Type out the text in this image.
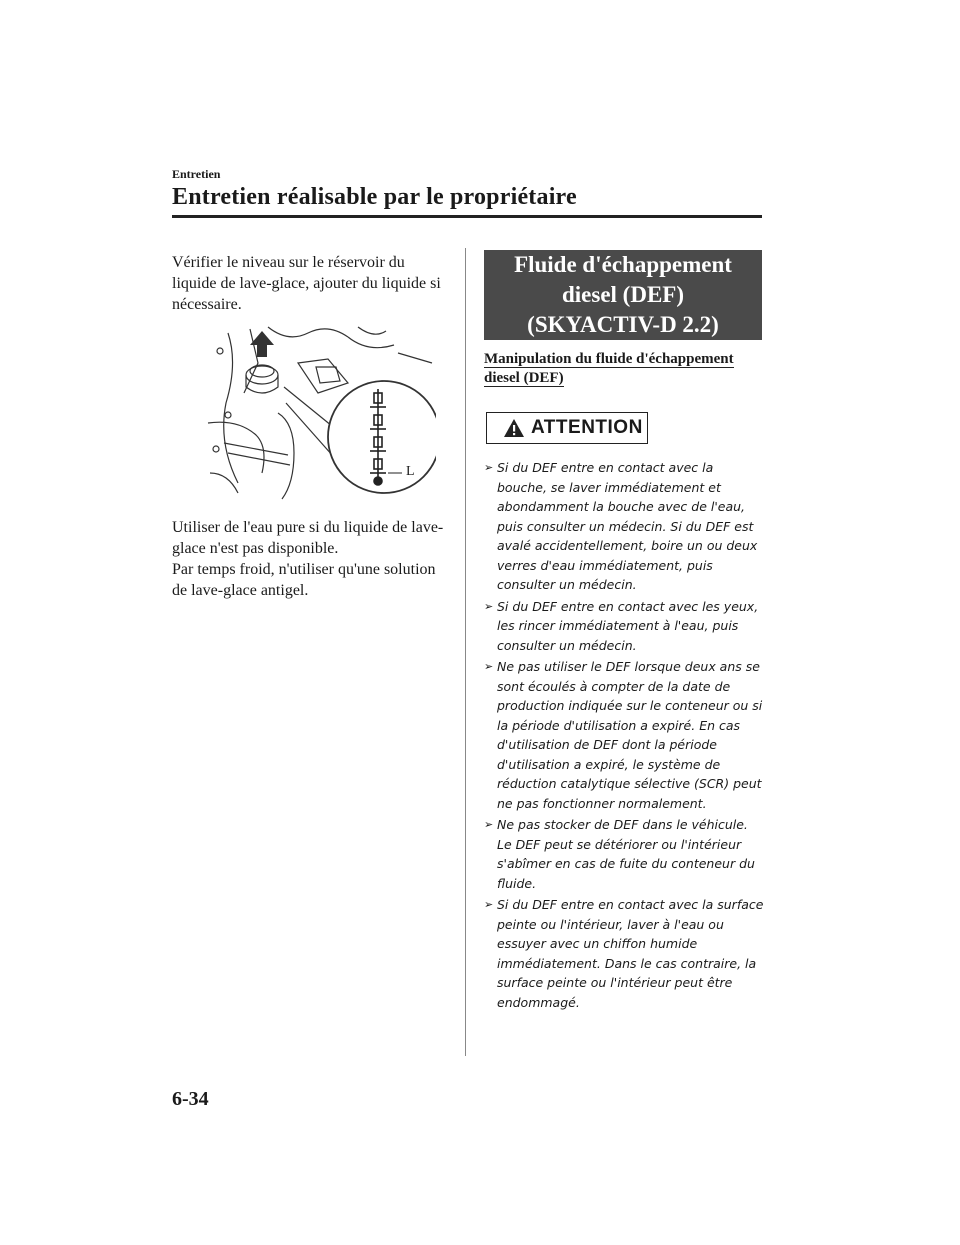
Entretien
Entretien réalisable par le propriétaire

Vérifier le niveau sur le réservoir du liquide de lave-glace, ajouter du liquide si nécessaire.

L

Utiliser de l'eau pure si du liquide de lave-glace n'est pas disponible.

Par temps froid, n'utiliser qu'une solution de lave-glace antigel.

Fluide d'échappement
diesel (DEF)
(SKYACTIV-D 2.2)
Manipulation du fluide d'échappement diesel (DEF)
ATTENTION
➢ Si du DEF entre en contact avec la bouche, se laver immédiatement et abondamment la bouche avec de l'eau, puis consulter un médecin. Si du DEF est avalé accidentellement, boire un ou deux verres d'eau immédiatement, puis consulter un médecin.
➢ Si du DEF entre en contact avec les yeux, les rincer immédiatement à l'eau, puis consulter un médecin.
➢ Ne pas utiliser le DEF lorsque deux ans se sont écoulés à compter de la date de production indiquée sur le conteneur ou si la période d'utilisation a expiré. En cas d'utilisation de DEF dont la période d'utilisation a expiré, le système de réduction catalytique sélective (SCR) peut ne pas fonctionner normalement.
➢ Ne pas stocker de DEF dans le véhicule. Le DEF peut se détériorer ou l'intérieur s'abîmer en cas de fuite du conteneur du fluide.
➢ Si du DEF entre en contact avec la surface peinte ou l'intérieur, laver à l'eau ou essuyer avec un chiffon humide immédiatement. Dans le cas contraire, la surface peinte ou l'intérieur peut être endommagé.
6-34
